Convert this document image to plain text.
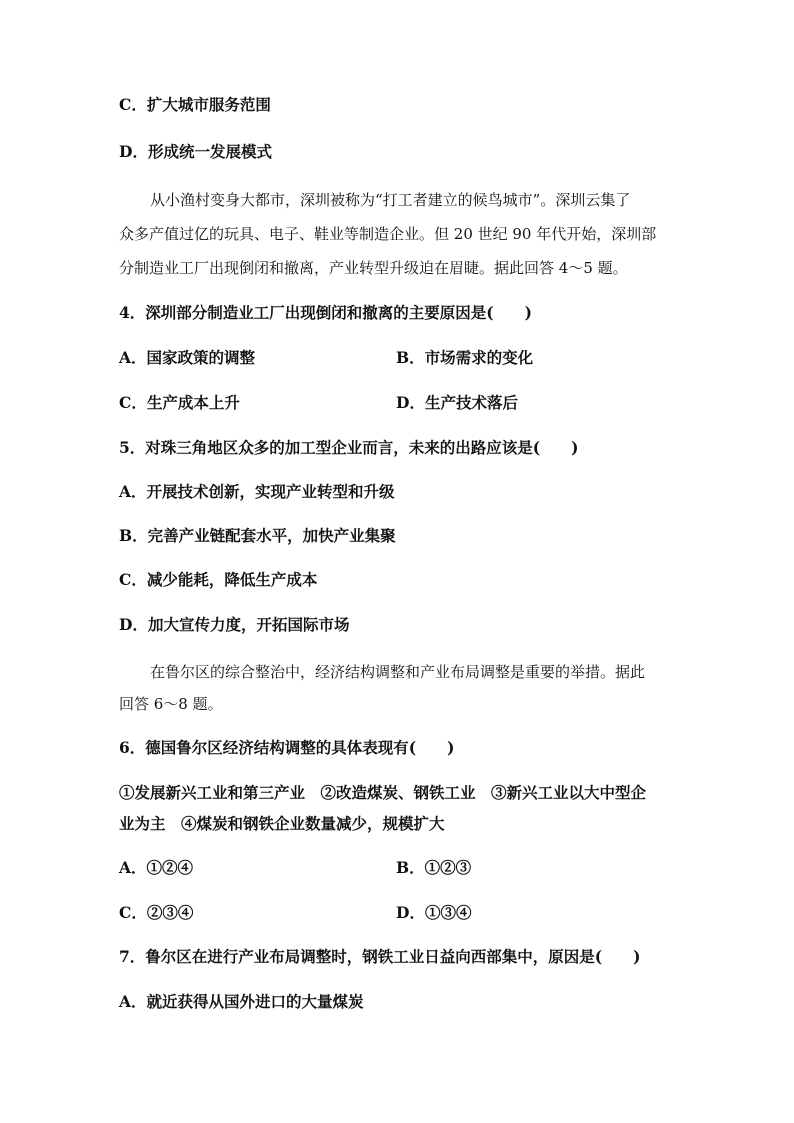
C．扩大城市服务范围
D．形成统一发展模式
从小渔村变身大都市，深圳被称为“打工者建立的候鸟城市”。深圳云集了
众多产值过亿的玩具、电子、鞋业等制造企业。但 20 世纪 90 年代开始，深圳部
分制造业工厂出现倒闭和撤离，产业转型升级迫在眉睫。据此回答 4～5 题。
4．深圳部分制造业工厂出现倒闭和撤离的主要原因是(　　)
A．国家政策的调整	B．市场需求的变化
C．生产成本上升	D．生产技术落后
5．对珠三角地区众多的加工型企业而言，未来的出路应该是(　　)
A．开展技术创新，实现产业转型和升级
B．完善产业链配套水平，加快产业集聚
C．减少能耗，降低生产成本
D．加大宣传力度，开拓国际市场
在鲁尔区的综合整治中，经济结构调整和产业布局调整是重要的举措。据此
回答 6～8 题。
6．德国鲁尔区经济结构调整的具体表现有(　　)
①发展新兴工业和第三产业　②改造煤炭、钢铁工业　③新兴工业以大中型企
业为主　④煤炭和钢铁企业数量减少，规模扩大
A．①②④	B．①②③
C．②③④	D．①③④
7．鲁尔区在进行产业布局调整时，钢铁工业日益向西部集中，原因是(　　)
A．就近获得从国外进口的大量煤炭
